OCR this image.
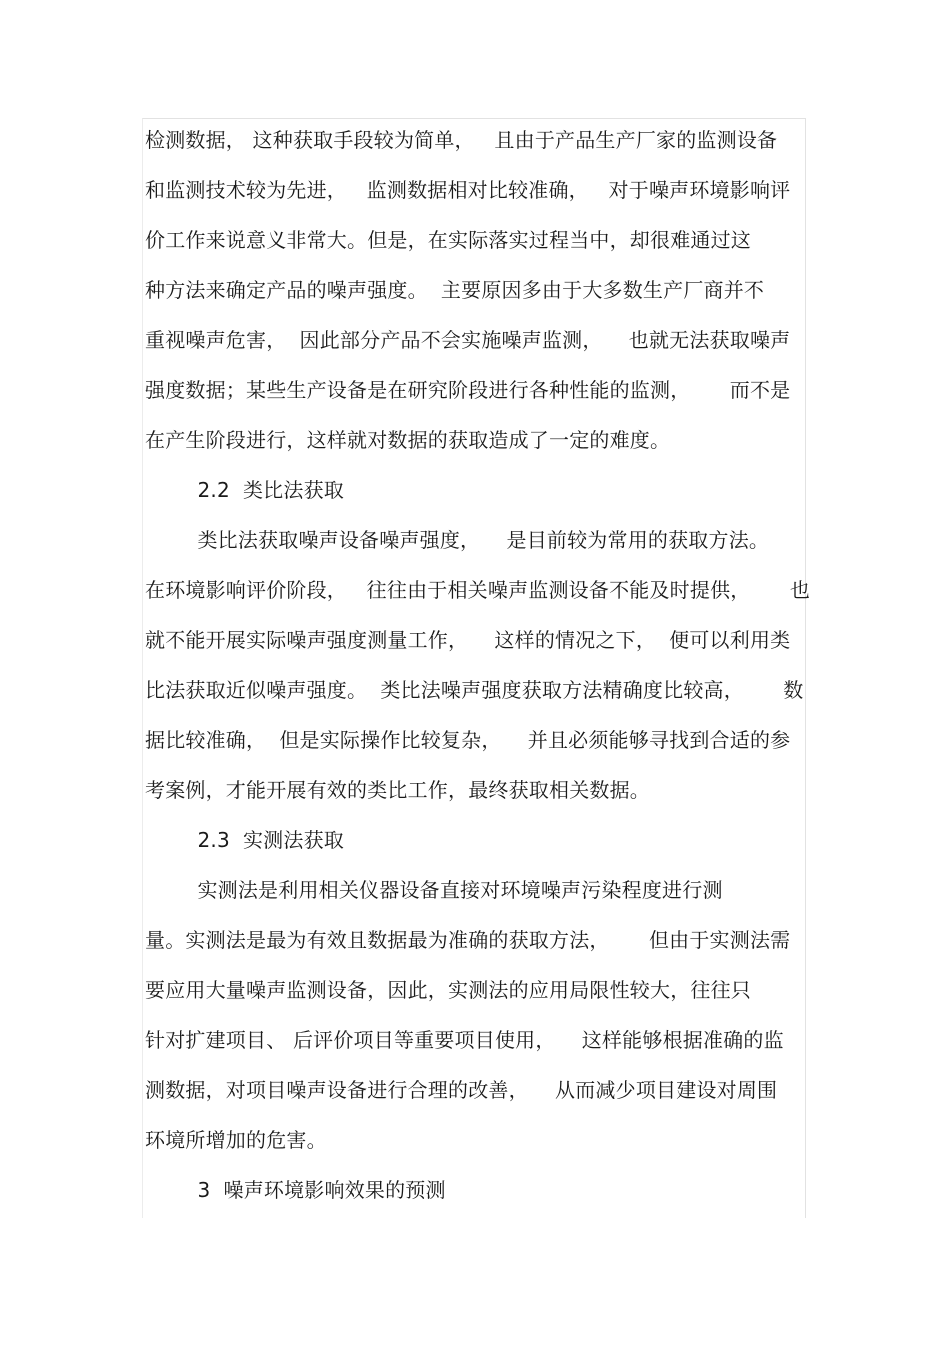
检测数据， 这种获取手段较为简单，   且由于产品生产厂家的监测设备
和监测技术较为先进，   监测数据相对比较准确，   对于噪声环境影响评
价工作来说意义非常大。但是，在实际落实过程当中，却很难通过这
种方法来确定产品的噪声强度。  主要原因多由于大多数生产厂商并不
重视噪声危害，  因此部分产品不会实施噪声监测，    也就无法获取噪声
强度数据；某些生产设备是在研究阶段进行各种性能的监测，      而不是
在产生阶段进行，这样就对数据的获取造成了一定的难度。
2.2  类比法获取
类比法获取噪声设备噪声强度，    是目前较为常用的获取方法。
在环境影响评价阶段，   往往由于相关噪声监测设备不能及时提供，      也
就不能开展实际噪声强度测量工作，    这样的情况之下，  便可以利用类
比法获取近似噪声强度。  类比法噪声强度获取方法精确度比较高，      数
据比较准确，  但是实际操作比较复杂，    并且必须能够寻找到合适的参
考案例，才能开展有效的类比工作，最终获取相关数据。
2.3  实测法获取
实测法是利用相关仪器设备直接对环境噪声污染程度进行测
量。实测法是最为有效且数据最为准确的获取方法，      但由于实测法需
要应用大量噪声监测设备，因此，实测法的应用局限性较大，往往只
针对扩建项目、 后评价项目等重要项目使用，    这样能够根据准确的监
测数据，对项目噪声设备进行合理的改善，    从而减少项目建设对周围
环境所增加的危害。
3  噪声环境影响效果的预测
